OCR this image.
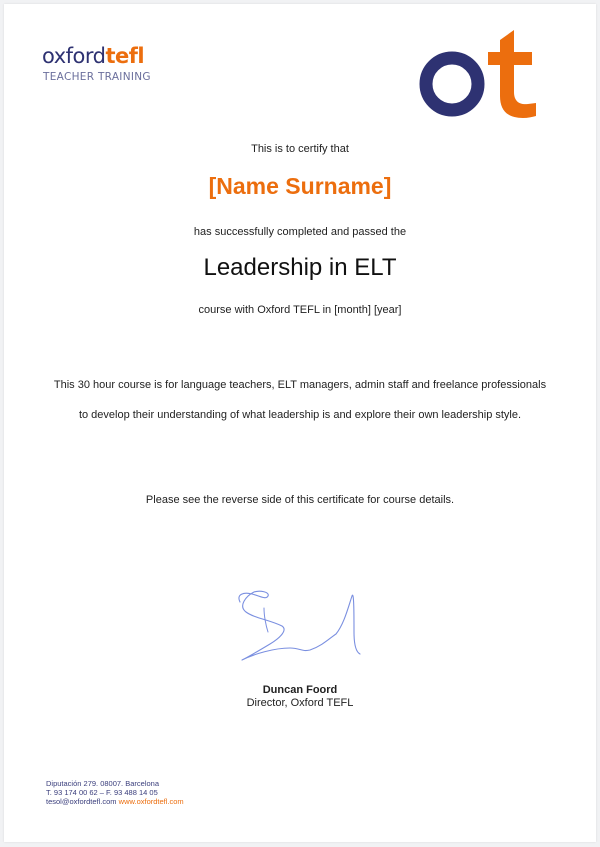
oxfordtefl
TEACHER TRAINING
This is to certify that
[Name Surname]
has successfully completed and passed the
Leadership in ELT
course with Oxford TEFL in [month] [year]
This 30 hour course is for language teachers, ELT managers, admin staff and freelance professionals
to develop their understanding of what leadership is and explore their own leadership style.
Please see the reverse side of this certificate for course details.
Duncan Foord
Director, Oxford TEFL
Diputación 279. 08007. Barcelona
T. 93 174 00 62 – F. 93 488 14 05
tesol@oxfordtefl.com www.oxfordtefl.com
